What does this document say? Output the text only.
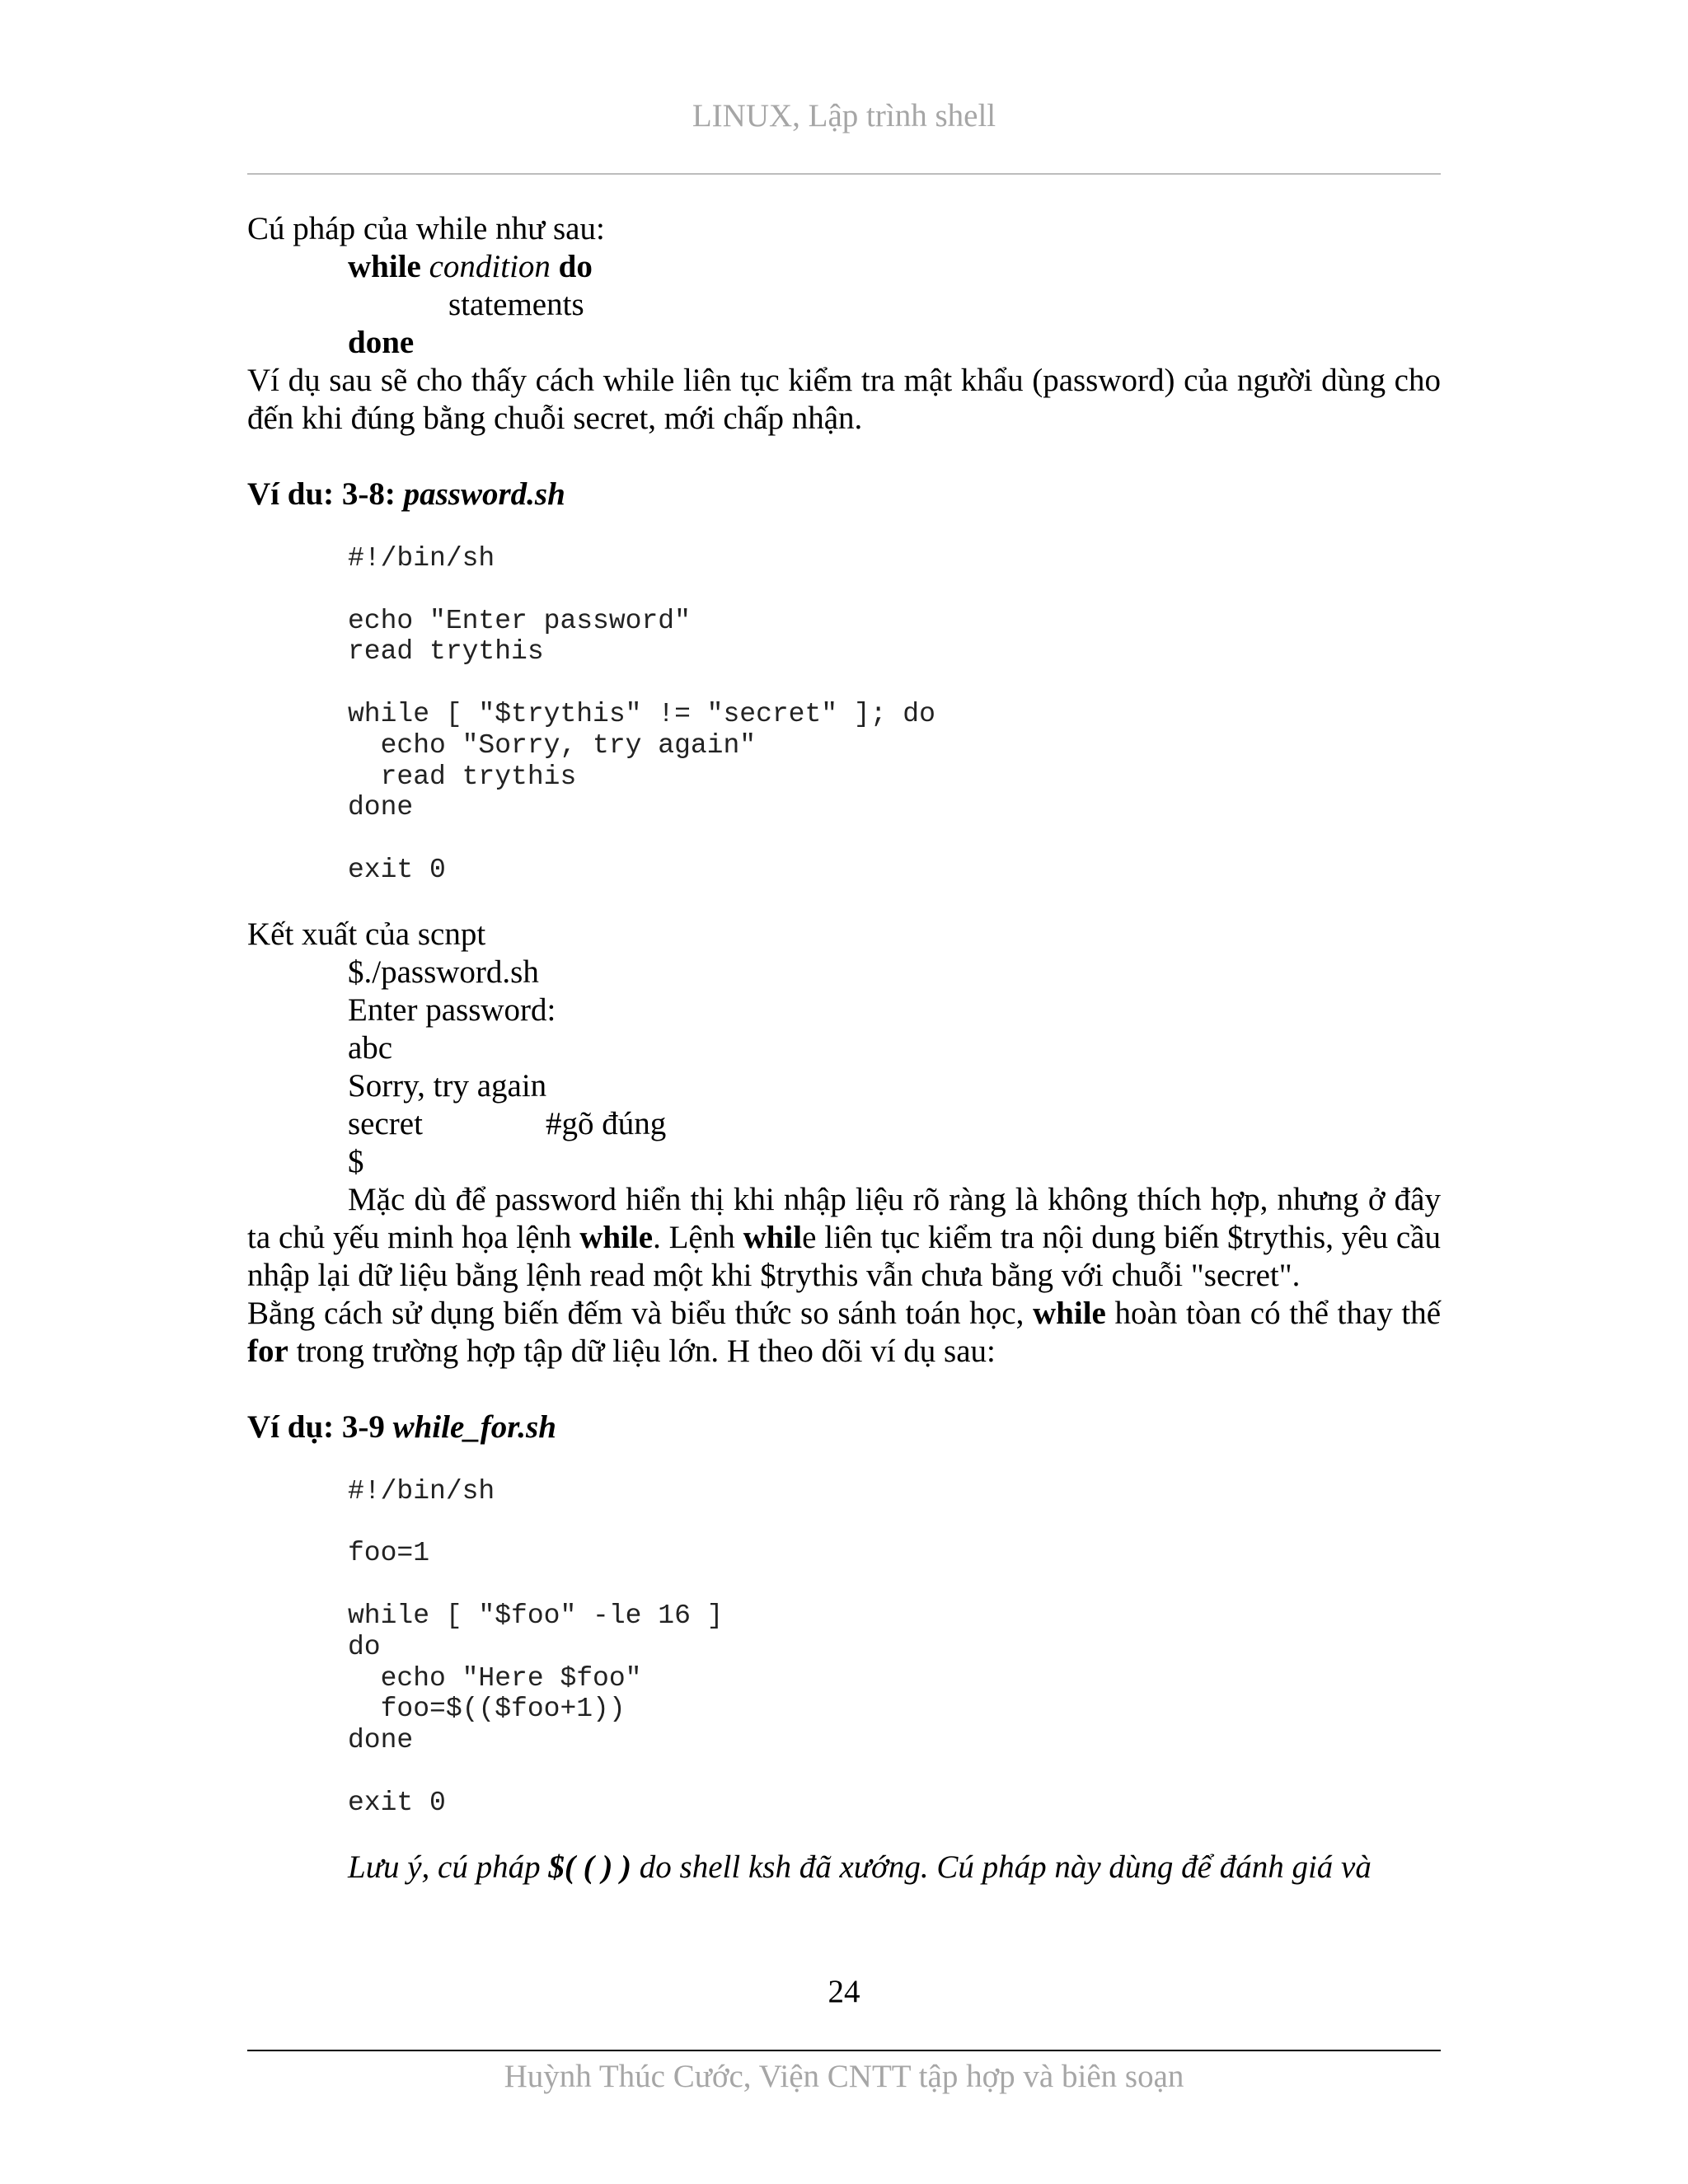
LINUX, Lập trình shell
Cú pháp của while như sau:
while condition do
statements
done
Ví dụ sau sẽ cho thấy cách while liên tục kiểm tra mật khẩu (password) của người dùng cho đến khi đúng bằng chuỗi secret, mới chấp nhận.
Ví du: 3-8: password.sh
#!/bin/sh

echo "Enter password"
read trythis

while [ "$trythis" != "secret" ]; do
echo "Sorry, try again"
read trythis
done

exit 0
Kết xuất của scnpt
$./password.sh
Enter password:
abc
Sorry, try again
secret	#gõ đúng
$
Mặc dù để password hiển thị khi nhập liệu rõ ràng là không thích hợp, nhưng ở đây ta chủ yếu minh họa lệnh while. Lệnh while liên tục kiểm tra nội dung biến $trythis, yêu cầu nhập lại dữ liệu bằng lệnh read một khi $trythis vẫn chưa bằng với chuỗi "secret".
Bằng cách sử dụng biến đếm và biểu thức so sánh toán học, while hoàn tòan có thể thay thế for trong trường hợp tập dữ liệu lớn. H theo dõi ví dụ sau:
Ví dụ: 3-9 while_for.sh
#!/bin/sh

foo=1

while [ "$foo" -le 16 ]
do
echo "Here $foo"
foo=$(($foo+1))
done

exit 0
Lưu ý, cú pháp $( ( ) ) do shell ksh đã xướng. Cú pháp này dùng để đánh giá và
24
Huỳnh Thúc Cước, Viện CNTT tập hợp và biên soạn
